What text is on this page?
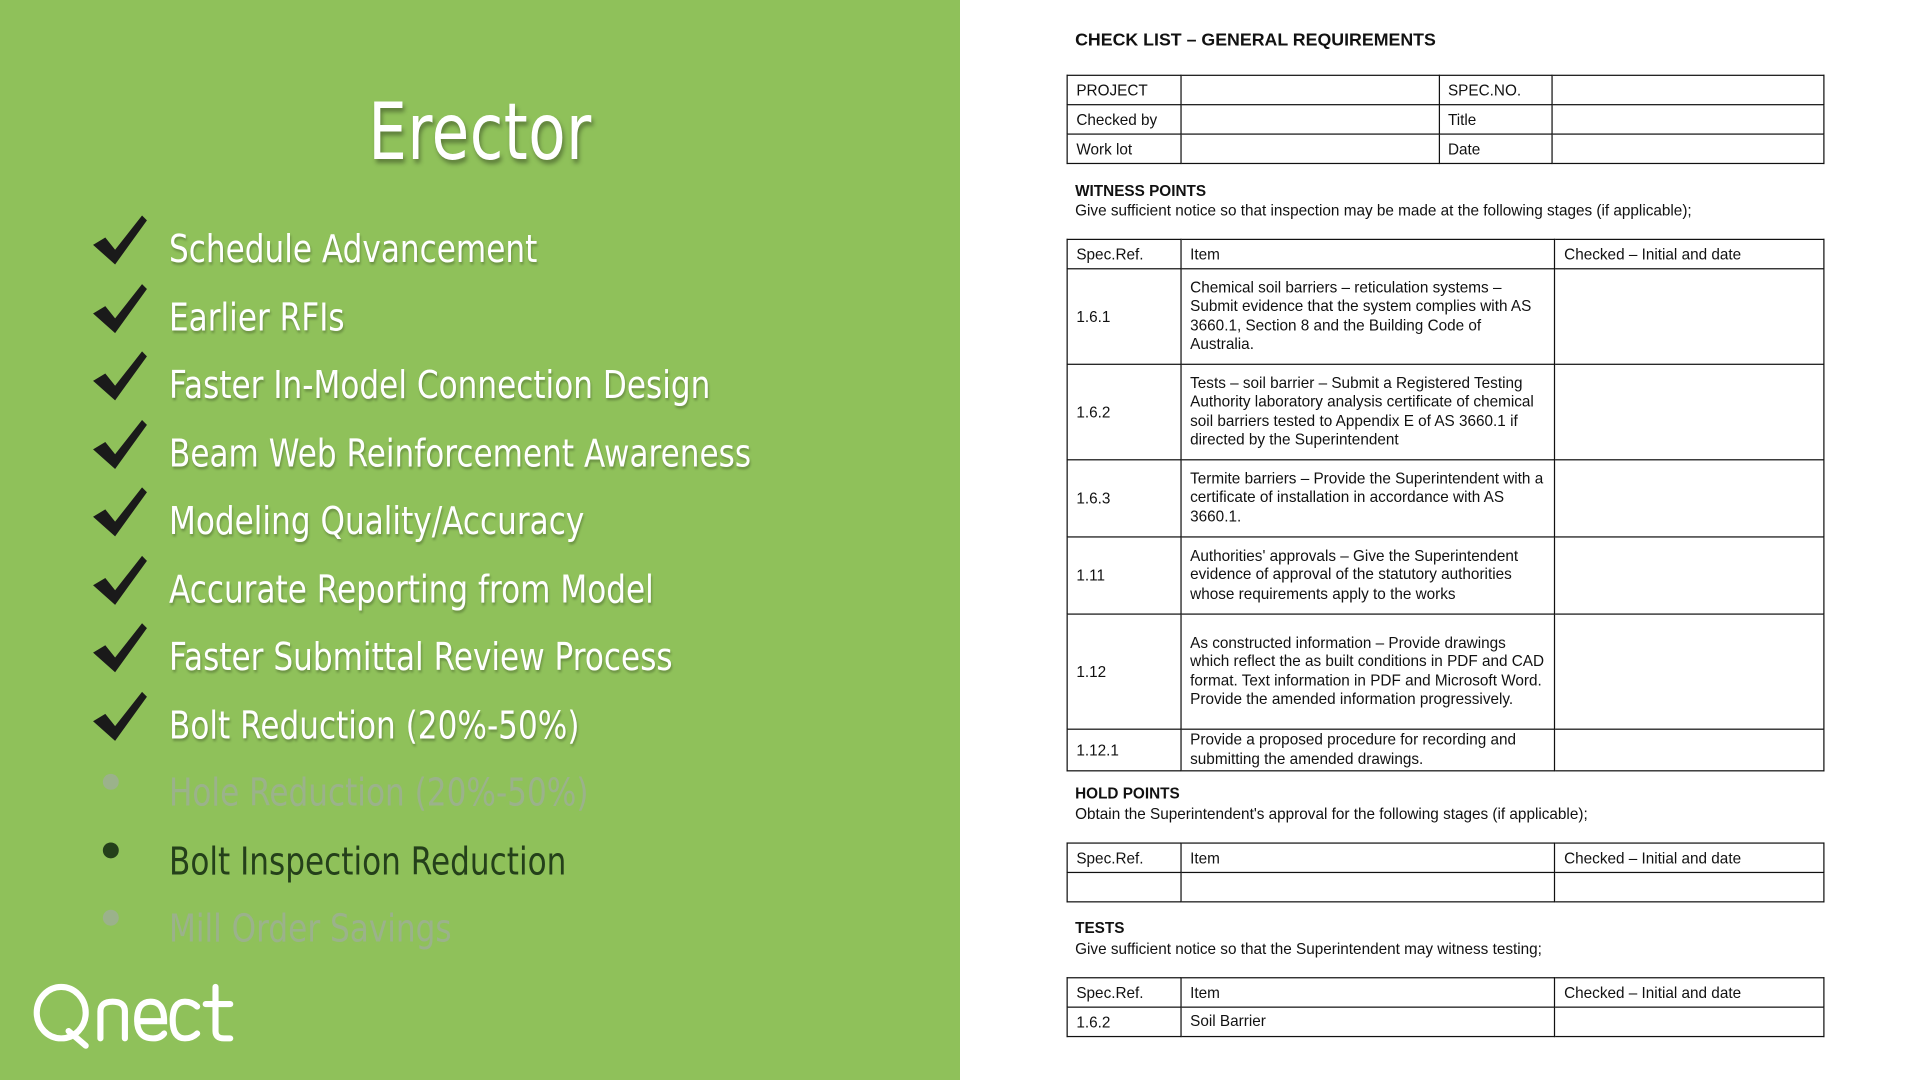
Erector
Schedule Advancement
Earlier RFIs
Faster In-Model Connection Design
Beam Web Reinforcement Awareness
Modeling Quality/Accuracy
Accurate Reporting from Model
Faster Submittal Review Process
Bolt Reduction (20%-50%)
Hole Reduction (20%-50%)
Bolt Inspection Reduction
Mill Order Savings
CHECK LIST – GENERAL REQUIREMENTS
PROJECT		SPEC.NO.	
Checked by		Title	
Work lot		Date	
WITNESS POINTS
Give sufficient notice so that inspection may be made at the following stages (if applicable);
Spec.Ref.	Item	Checked – Initial and date
1.6.1	Chemical soil barriers – reticulation systems – Submit evidence that the system complies with AS 3660.1, Section 8 and the Building Code of Australia.	
1.6.2	Tests – soil barrier – Submit a Registered Testing Authority laboratory analysis certificate of chemical soil barriers tested to Appendix E of AS 3660.1 if directed by the Superintendent	
1.6.3	Termite barriers – Provide the Superintendent with a certificate of installation in accordance with AS 3660.1.	
1.11	Authorities' approvals – Give the Superintendent evidence of approval of the statutory authorities whose requirements apply to the works	
1.12	As constructed information – Provide drawings which reflect the as built conditions in PDF and CAD format. Text information in PDF and Microsoft Word. Provide the amended information progressively.	
1.12.1	Provide a proposed procedure for recording and submitting the amended drawings.	
HOLD POINTS
Obtain the Superintendent's approval for the following stages (if applicable);
Spec.Ref.	Item	Checked – Initial and date

TESTS
Give sufficient notice so that the Superintendent may witness testing;
Spec.Ref.	Item	Checked – Initial and date
1.6.2	Soil Barrier	
